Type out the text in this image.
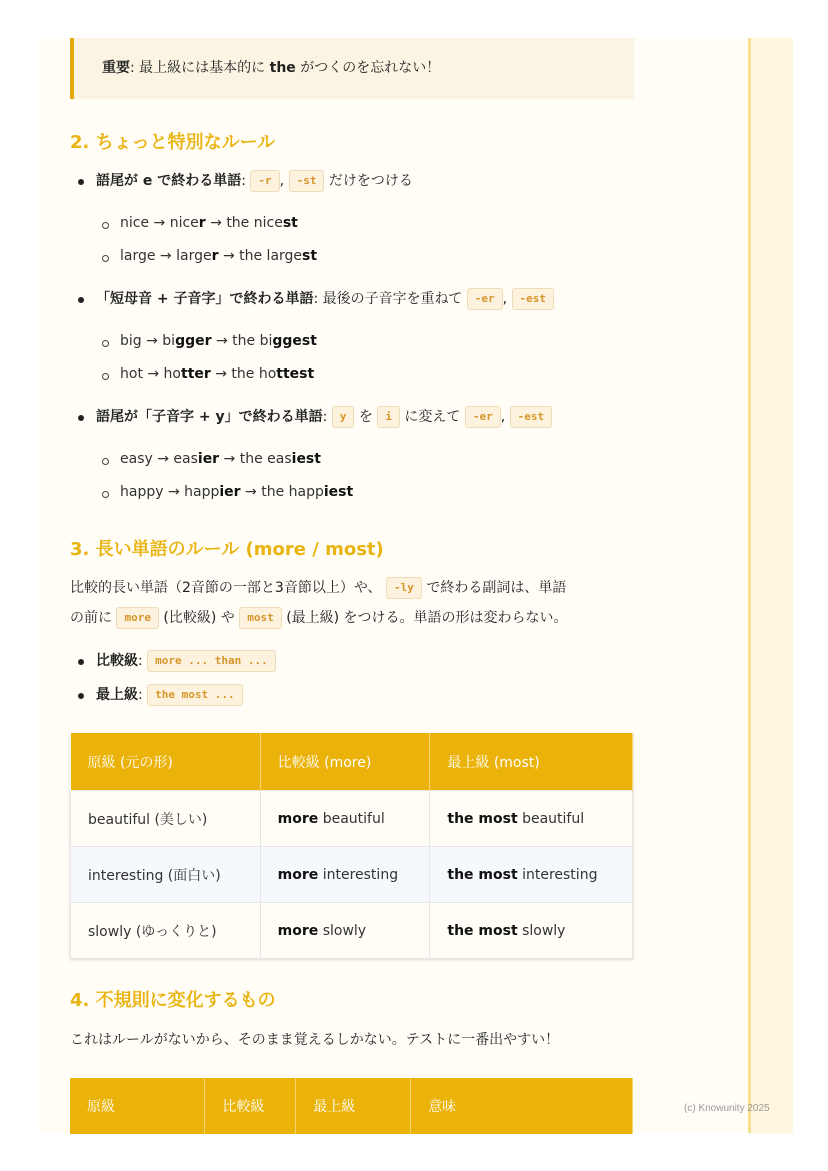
(c) Knowunity 2025
重要: 最上級には基本的に the がつくのを忘れない！
2. ちょっと特別なルール
語尾が e で終わる単語: -r , -st だけをつける
nice → nicer → the nicest
large → larger → the largest
「短母音 + 子音字」で終わる単語: 最後の子音字を重ねて -er , -est
big → bigger → the biggest
hot → hotter → the hottest
語尾が「子音字 + y」で終わる単語: y を i に変えて -er , -est
easy → easier → the easiest
happy → happier → the happiest
3. 長い単語のルール (more / most)
比較的長い単語（2音節の一部と3音節以上）や、 -ly で終わる副詞は、単語
の前に more (比較級) や most (最上級) をつける。単語の形は変わらない。
比較級: more ... than ...
最上級: the most ...
原級 (元の形)	比較級 (more)	最上級 (most)
beautiful (美しい)	more beautiful	the most beautiful
interesting (面白い)	more interesting	the most interesting
slowly (ゆっくりと)	more slowly	the most slowly
4. 不規則に変化するもの
これはルールがないから、そのまま覚えるしかない。テストに一番出やすい！
原級	比較級	最上級	意味
